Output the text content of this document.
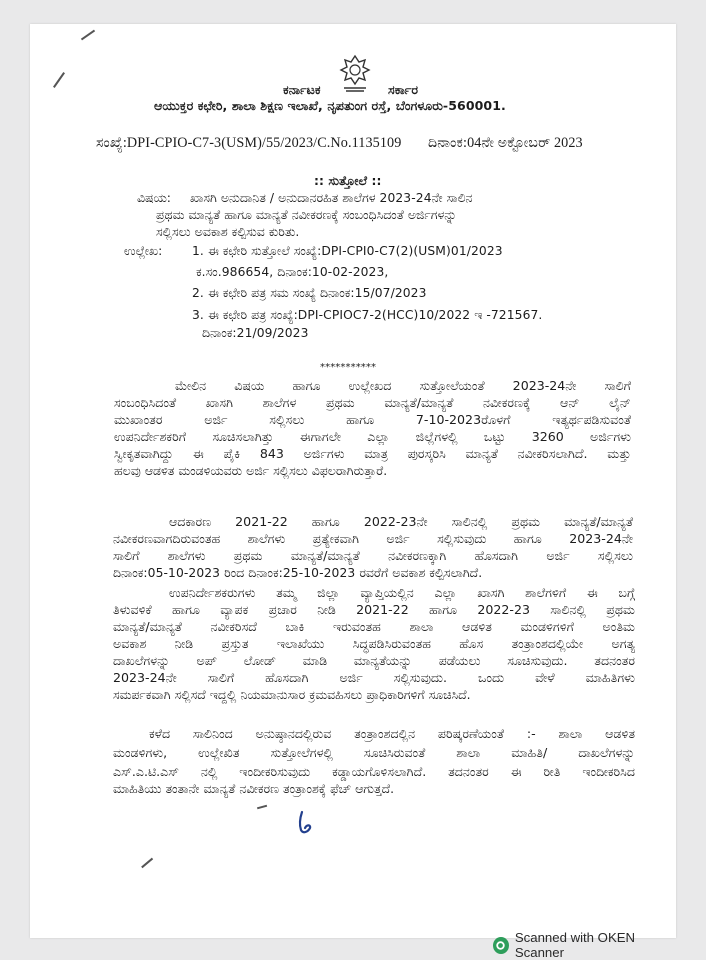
ಕರ್ನಾಟಕ	ಸರ್ಕಾರ
ಆಯುಕ್ತರ ಕಛೇರಿ, ಶಾಲಾ ಶಿಕ್ಷಣ ಇಲಾಖೆ, ನೃಪತುಂಗ ರಸ್ತೆ, ಬೆಂಗಳೂರು-560001.
ಸಂಖ್ಯೆ:DPI-CPIO-C7-3(USM)/55/2023/C.No.1135109 ದಿನಾಂಕ:04ನೇ ಅಕ್ಟೋಬರ್ 2023
:: ಸುತ್ತೋಲೆ ::
ವಿಷಯ: ಖಾಸಗಿ ಅನುದಾನಿತ / ಅನುದಾನರಹಿತ ಶಾಲೆಗಳ 2023-24ನೇ ಸಾಲಿನ
ಪ್ರಥಮ ಮಾನ್ಯತೆ ಹಾಗೂ ಮಾನ್ಯತೆ ನವೀಕರಣಕ್ಕೆ ಸಂಬಂಧಿಸಿದಂತೆ ಅರ್ಜಿಗಳನ್ನು
ಸಲ್ಲಿಸಲು ಅವಕಾಶ ಕಲ್ಪಿಸುವ ಕುರಿತು.
ಉಲ್ಲೇಖ: 1. ಈ ಕಛೇರಿ ಸುತ್ತೋಲೆ ಸಂಖ್ಯೆ:DPI-CPI0-C7(2)(USM)01/2023
ಕ.ಸಂ.986654, ದಿನಾಂಕ:10-02-2023,
2. ಈ ಕಛೇರಿ ಪತ್ರ ಸಮ ಸಂಖ್ಯೆ ದಿನಾಂಕ:15/07/2023
3. ಈ ಕಛೇರಿ ಪತ್ರ ಸಂಖ್ಯೆ:DPI-CPIOC7-2(HCC)10/2022 ಇ -721567.
ದಿನಾಂಕ:21/09/2023
***********
ಮೇಲಿನ ವಿಷಯ ಹಾಗೂ ಉಲ್ಲೇಖದ ಸುತ್ತೋಲೆಯಂತೆ 2023-24ನೇ ಸಾಲಿಗೆ
ಸಂಬಂಧಿಸಿದಂತೆ ಖಾಸಗಿ ಶಾಲೆಗಳ ಪ್ರಥಮ ಮಾನ್ಯತೆ/ಮಾನ್ಯತೆ ನವೀಕರಣಕ್ಕೆ ಆನ್ ಲೈನ್
ಮುಖಾಂತರ ಅರ್ಜಿ ಸಲ್ಲಿಸಲು ಹಾಗೂ 7-10-2023ರೊಳಗೆ ಇತ್ಯರ್ಥಪಡಿಸುವಂತೆ
ಉಪನಿರ್ದೇಶಕರಿಗೆ ಸೂಚಿಸಲಾಗಿತ್ತು ಈಗಾಗಲೇ ಎಲ್ಲಾ ಜಿಲ್ಲೆಗಳಲ್ಲಿ ಒಟ್ಟು 3260 ಅರ್ಜಿಗಳು
ಸ್ವೀಕೃತವಾಗಿದ್ದು ಈ ಪೈಕಿ 843 ಅರ್ಜಿಗಳು ಮಾತ್ರ ಪುರಸ್ಕರಿಸಿ ಮಾನ್ಯತೆ ನವೀಕರಿಸಲಾಗಿದೆ. ಮತ್ತು
ಹಲವು ಆಡಳಿತ ಮಂಡಳಿಯವರು ಅರ್ಜಿ ಸಲ್ಲಿಸಲು ವಿಫಲರಾಗಿರುತ್ತಾರೆ.
ಆದಕಾರಣ 2021-22 ಹಾಗೂ 2022-23ನೇ ಸಾಲಿನಲ್ಲಿ ಪ್ರಥಮ ಮಾನ್ಯತೆ/ಮಾನ್ಯತೆ
ನವೀಕರಣವಾಗದಿರುವಂತಹ ಶಾಲೆಗಳು ಪ್ರತ್ಯೇಕವಾಗಿ ಅರ್ಜಿ ಸಲ್ಲಿಸುವುದು ಹಾಗೂ 2023-24ನೇ
ಸಾಲಿಗೆ ಶಾಲೆಗಳು ಪ್ರಥಮ ಮಾನ್ಯತೆ/ಮಾನ್ಯತೆ ನವೀಕರಣಕ್ಕಾಗಿ ಹೊಸದಾಗಿ ಅರ್ಜಿ ಸಲ್ಲಿಸಲು
ದಿನಾಂಕ:05-10-2023 ರಿಂದ ದಿನಾಂಕ:25-10-2023 ರವರೆಗೆ ಅವಕಾಶ ಕಲ್ಪಿಸಲಾಗಿದೆ.
ಉಪನಿರ್ದೇಶಕರುಗಳು ತಮ್ಮ ಜಿಲ್ಲಾ ವ್ಯಾಪ್ತಿಯಲ್ಲಿನ ಎಲ್ಲಾ ಖಾಸಗಿ ಶಾಲೆಗಳಿಗೆ ಈ ಬಗ್ಗೆ
ತಿಳುವಳಿಕೆ ಹಾಗೂ ವ್ಯಾಪಕ ಪ್ರಚಾರ ನೀಡಿ 2021-22 ಹಾಗೂ 2022-23 ಸಾಲಿನಲ್ಲಿ ಪ್ರಥಮ
ಮಾನ್ಯತೆ/ಮಾನ್ಯತೆ ನವೀಕರಿಸದೆ ಬಾಕಿ ಇರುವಂತಹ ಶಾಲಾ ಆಡಳಿತ ಮಂಡಳಿಗಳಿಗೆ ಅಂತಿಮ
ಅವಕಾಶ ನೀಡಿ ಪ್ರಸ್ತುತ ಇಲಾಖೆಯು ಸಿದ್ಧಪಡಿಸಿರುವಂತಹ ಹೊಸ ತಂತ್ರಾಂಶದಲ್ಲಿಯೇ ಅಗತ್ಯ
ದಾಖಲೆಗಳನ್ನು ಅಪ್ ಲೋಡ್ ಮಾಡಿ ಮಾನ್ಯತೆಯನ್ನು ಪಡೆಯಲು ಸೂಚಿಸುವುದು. ತದನಂತರ
2023-24ನೇ ಸಾಲಿಗೆ ಹೊಸದಾಗಿ ಅರ್ಜಿ ಸಲ್ಲಿಸುವುದು. ಒಂದು ವೇಳೆ ಮಾಹಿತಿಗಳು
ಸಮರ್ಪಕವಾಗಿ ಸಲ್ಲಿಸದೆ ಇದ್ದಲ್ಲಿ ನಿಯಮಾನುಸಾರ ಕ್ರಮವಹಿಸಲು ಪ್ರಾಧಿಕಾರಿಗಳಿಗೆ ಸೂಚಿಸಿದೆ.
ಕಳೆದ ಸಾಲಿನಿಂದ ಅನುಷ್ಠಾನದಲ್ಲಿರುವ ತಂತ್ರಾಂಶದಲ್ಲಿನ ಪರಿಷ್ಕರಣೆಯಂತೆ :- ಶಾಲಾ ಆಡಳಿತ
ಮಂಡಳಿಗಳು, ಉಲ್ಲೇಖಿತ ಸುತ್ತೋಲೆಗಳಲ್ಲಿ ಸೂಚಿಸಿರುವಂತೆ ಶಾಲಾ ಮಾಹಿತಿ/ ದಾಖಲೆಗಳನ್ನು
ಎಸ್.ಎ.ಟಿ.ಎಸ್ ನಲ್ಲಿ ಇಂದೀಕರಿಸುವುದು ಕಡ್ಡಾಯಗೊಳಿಸಲಾಗಿದೆ. ತದನಂತರ ಈ ರೀತಿ ಇಂದೀಕರಿಸಿದ
ಮಾಹಿತಿಯು ತಂತಾನೇ ಮಾನ್ಯತೆ ನವೀಕರಣ ತಂತ್ರಾಂಶಕ್ಕೆ ಫೆಚ್ ಆಗುತ್ತದೆ.
Scanned with OKEN Scanner
